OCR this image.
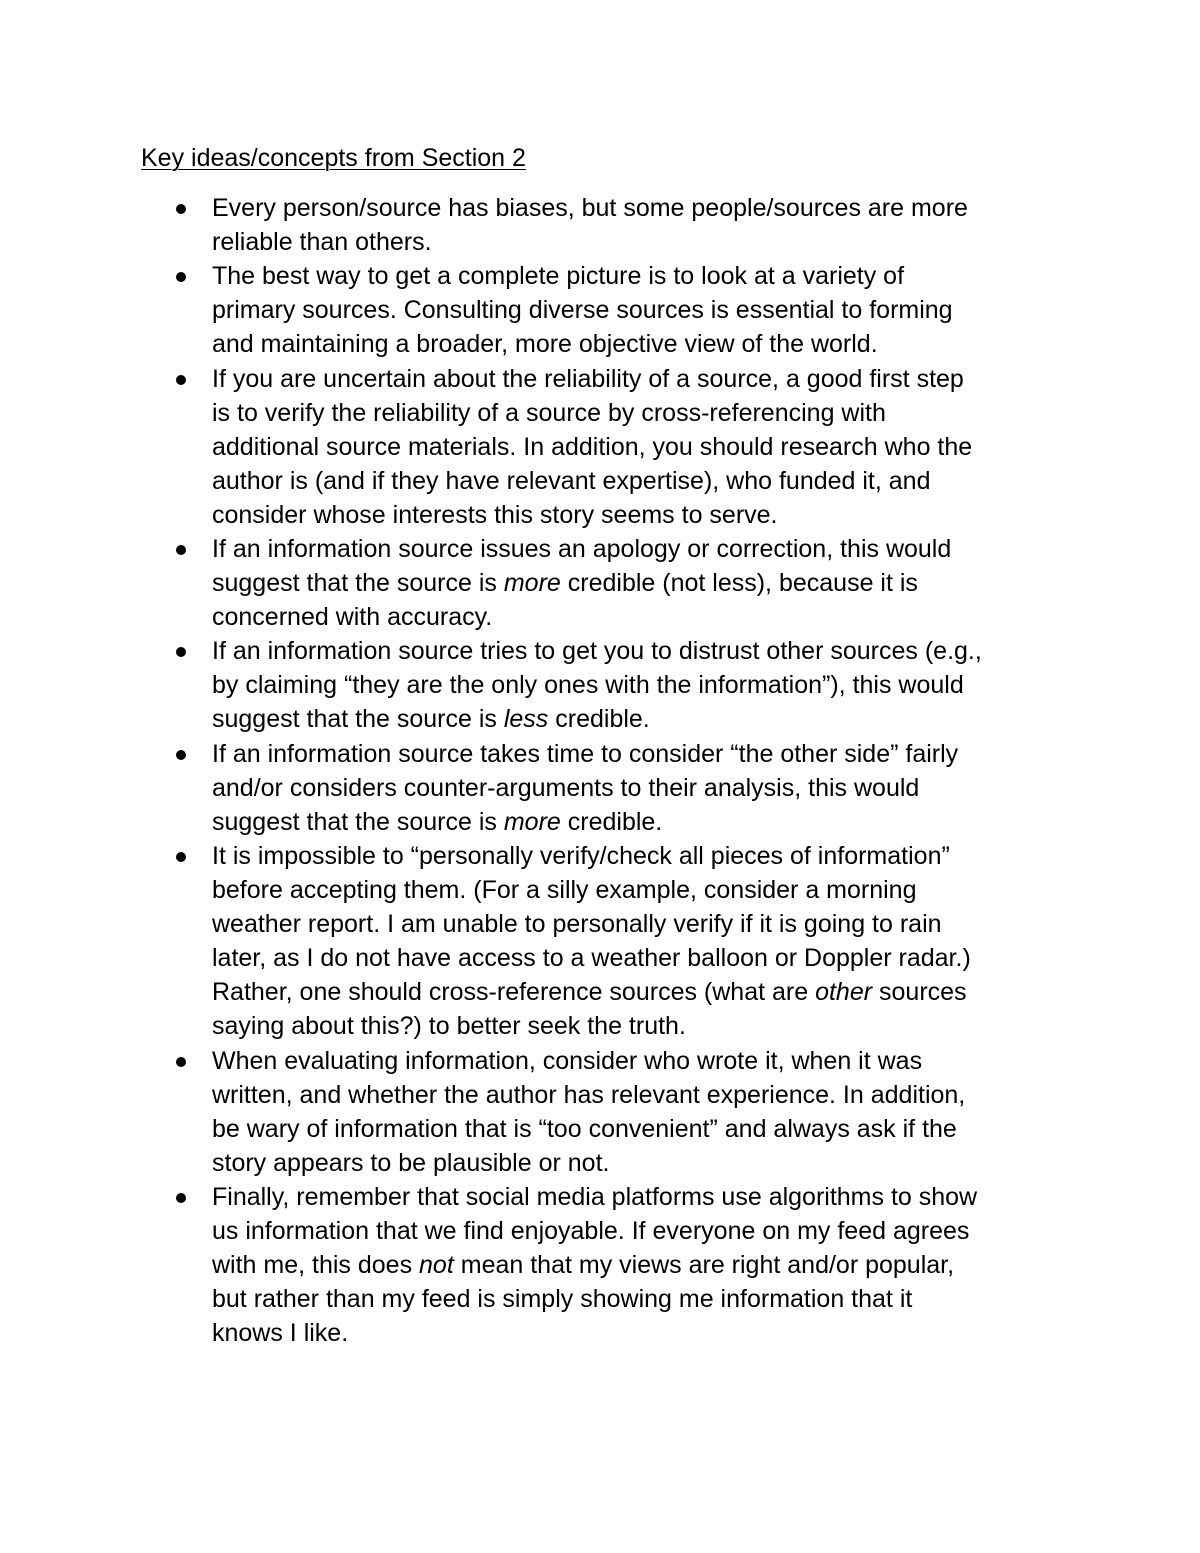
Key ideas/concepts from Section 2
Every person/source has biases, but some people/sources are more
reliable than others.
The best way to get a complete picture is to look at a variety of
primary sources. Consulting diverse sources is essential to forming
and maintaining a broader, more objective view of the world.
If you are uncertain about the reliability of a source, a good first step
is to verify the reliability of a source by cross-referencing with
additional source materials. In addition, you should research who the
author is (and if they have relevant expertise), who funded it, and
consider whose interests this story seems to serve.
If an information source issues an apology or correction, this would
suggest that the source is more credible (not less), because it is
concerned with accuracy.
If an information source tries to get you to distrust other sources (e.g.,
by claiming “they are the only ones with the information”), this would
suggest that the source is less credible.
If an information source takes time to consider “the other side” fairly
and/or considers counter-arguments to their analysis, this would
suggest that the source is more credible.
It is impossible to “personally verify/check all pieces of information”
before accepting them. (For a silly example, consider a morning
weather report. I am unable to personally verify if it is going to rain
later, as I do not have access to a weather balloon or Doppler radar.)
Rather, one should cross-reference sources (what are other sources
saying about this?) to better seek the truth.
When evaluating information, consider who wrote it, when it was
written, and whether the author has relevant experience. In addition,
be wary of information that is “too convenient” and always ask if the
story appears to be plausible or not.
Finally, remember that social media platforms use algorithms to show
us information that we find enjoyable. If everyone on my feed agrees
with me, this does not mean that my views are right and/or popular,
but rather than my feed is simply showing me information that it
knows I like.
